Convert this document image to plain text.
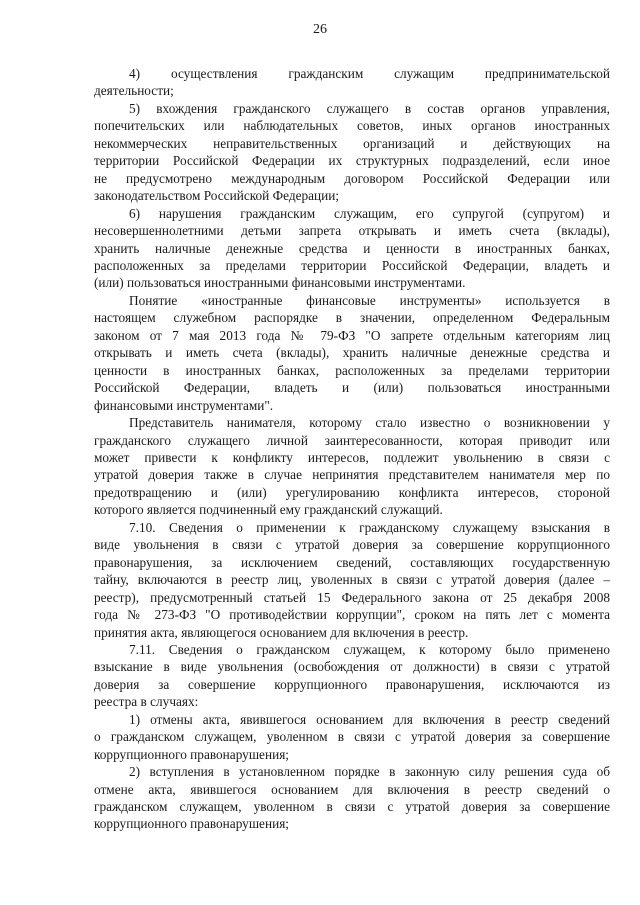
26
4) осуществления гражданским служащим предпринимательской
деятельности;
5) вхождения гражданского служащего в состав органов управления,
попечительских или наблюдательных советов, иных органов иностранных
некоммерческих неправительственных организаций и действующих на
территории Российской Федерации их структурных подразделений, если иное
не предусмотрено международным договором Российской Федерации или
законодательством Российской Федерации;
6) нарушения гражданским служащим, его супругой (супругом) и
несовершеннолетними детьми запрета открывать и иметь счета (вклады),
хранить наличные денежные средства и ценности в иностранных банках,
расположенных за пределами территории Российской Федерации, владеть и
(или) пользоваться иностранными финансовыми инструментами.
Понятие «иностранные финансовые инструменты» используется в
настоящем служебном распорядке в значении, определенном Федеральным
законом от 7 мая 2013 года № 79-ФЗ "О запрете отдельным категориям лиц
открывать и иметь счета (вклады), хранить наличные денежные средства и
ценности в иностранных банках, расположенных за пределами территории
Российской Федерации, владеть и (или) пользоваться иностранными
финансовыми инструментами".
Представитель нанимателя, которому стало известно о возникновении у
гражданского служащего личной заинтересованности, которая приводит или
может привести к конфликту интересов, подлежит увольнению в связи с
утратой доверия также в случае непринятия представителем нанимателя мер по
предотвращению и (или) урегулированию конфликта интересов, стороной
которого является подчиненный ему гражданский служащий.
7.10. Сведения о применении к гражданскому служащему взыскания в
виде увольнения в связи с утратой доверия за совершение коррупционного
правонарушения, за исключением сведений, составляющих государственную
тайну, включаются в реестр лиц, уволенных в связи с утратой доверия (далее –
реестр), предусмотренный статьей 15 Федерального закона от 25 декабря 2008
года № 273-ФЗ "О противодействии коррупции", сроком на пять лет с момента
принятия акта, являющегося основанием для включения в реестр.
7.11. Сведения о гражданском служащем, к которому было применено
взыскание в виде увольнения (освобождения от должности) в связи с утратой
доверия за совершение коррупционного правонарушения, исключаются из
реестра в случаях:
1) отмены акта, явившегося основанием для включения в реестр сведений
о гражданском служащем, уволенном в связи с утратой доверия за совершение
коррупционного правонарушения;
2) вступления в установленном порядке в законную силу решения суда об
отмене акта, явившегося основанием для включения в реестр сведений о
гражданском служащем, уволенном в связи с утратой доверия за совершение
коррупционного правонарушения;
